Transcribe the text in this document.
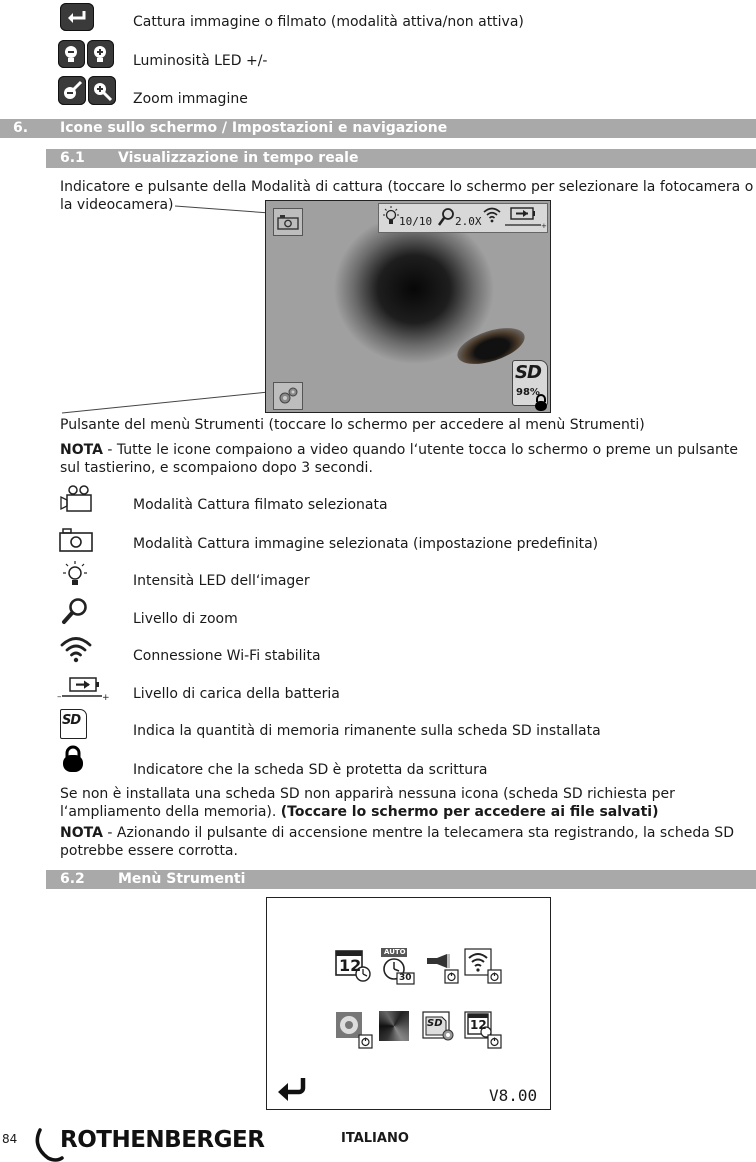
Cattura immagine o filmato (modalità attiva/non attiva)
Luminosità LED +/-
Zoom immagine
6. Icone sullo schermo / Impostazioni e navigazione
6.1 Visualizzazione in tempo reale
Indicatore e pulsante della Modalità di cattura (toccare lo schermo per selezionare la fotocamera o
la videocamera)
10/10 2.0X	+
SD
98%
Pulsante del menù Strumenti (toccare lo schermo per accedere al menù Strumenti)
NOTA - Tutte le icone compaiono a video quando l‘utente tocca lo schermo o preme un pulsante
sul tastierino, e scompaiono dopo 3 secondi.
Modalità Cattura filmato selezionata
Modalità Cattura immagine selezionata (impostazione predefinita)
Intensità LED dell‘imager
Livello di zoom
Connessione Wi-Fi stabilita
–	+ Livello di carica della batteria
SD
Indica la quantità di memoria rimanente sulla scheda SD installata
Indicatore che la scheda SD è protetta da scrittura
Se non è installata una scheda SD non apparirà nessuna icona (scheda SD richiesta per
l‘ampliamento della memoria). (Toccare lo schermo per accedere ai file salvati)
NOTA - Azionando il pulsante di accensione mentre la telecamera sta registrando, la scheda SD
potrebbe essere corrotta.
6.2 Menù Strumenti
12
AUTO
30
SD 12
V8.00
84 ROTHENBERGER	ITALIANO
